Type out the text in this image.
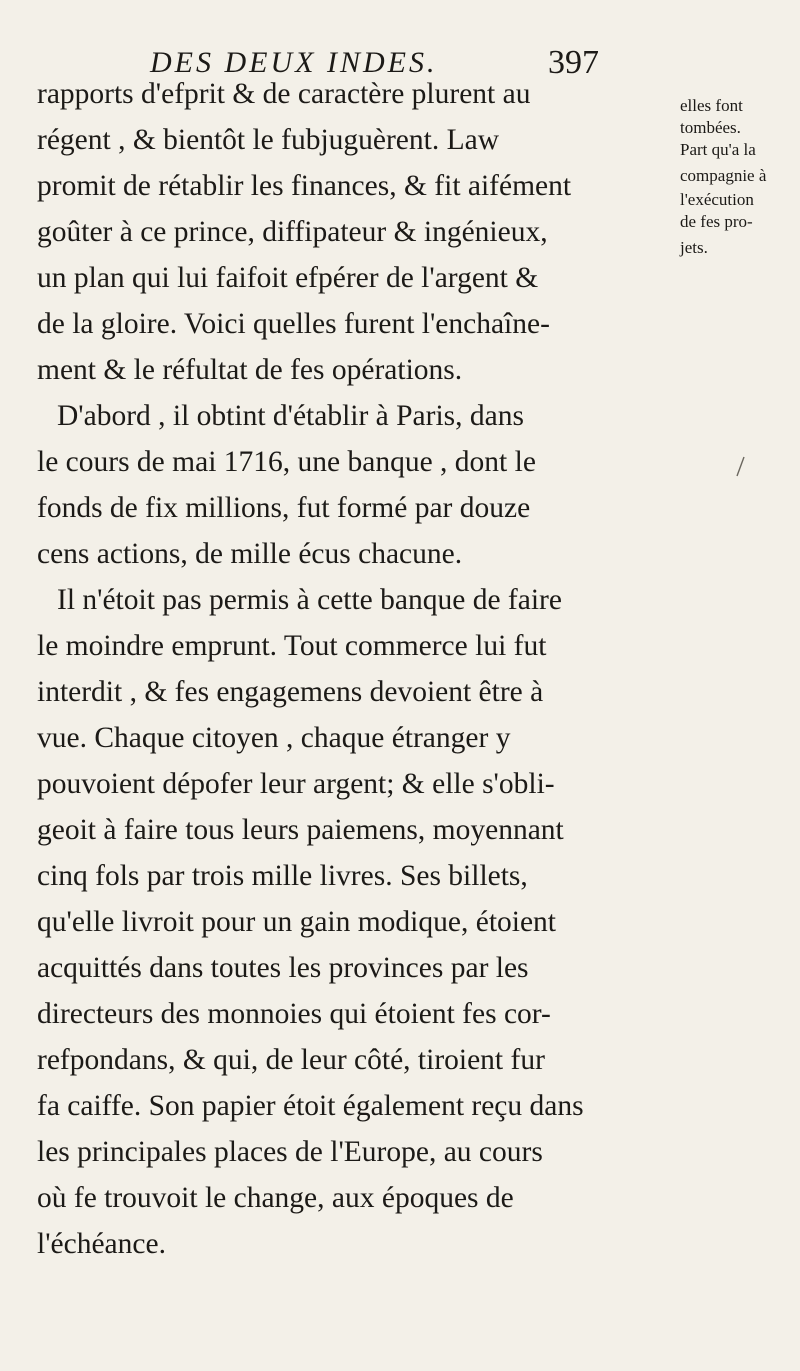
DES DEUX INDES.	397
rapports d'efprit & de caractère plurent au
régent , & bientôt le fubjuguèrent. Law
promit de rétablir les finances, & fit aifément
goûter à ce prince, diffipateur & ingénieux,
un plan qui lui faifoit efpérer de l'argent &
de la gloire. Voici quelles furent l'enchaîne-
ment & le réfultat de fes opérations.
D'abord , il obtint d'établir à Paris, dans
le cours de mai 1716, une banque , dont le
fonds de fix millions, fut formé par douze
cens actions, de mille écus chacune.
Il n'étoit pas permis à cette banque de faire
le moindre emprunt. Tout commerce lui fut
interdit , & fes engagemens devoient être à
vue. Chaque citoyen , chaque étranger y
pouvoient dépofer leur argent; & elle s'obli-
geoit à faire tous leurs paiemens, moyennant
cinq fols par trois mille livres. Ses billets,
qu'elle livroit pour un gain modique, étoient
acquittés dans toutes les provinces par les
directeurs des monnoies qui étoient fes cor-
refpondans, & qui, de leur côté, tiroient fur
fa caiffe. Son papier étoit également reçu dans
les principales places de l'Europe, au cours
où fe trouvoit le change, aux époques de
l'échéance.
elles font
tombées.
Part qu'a la
compagnie à
l'exécution
de fes pro-
jets.
